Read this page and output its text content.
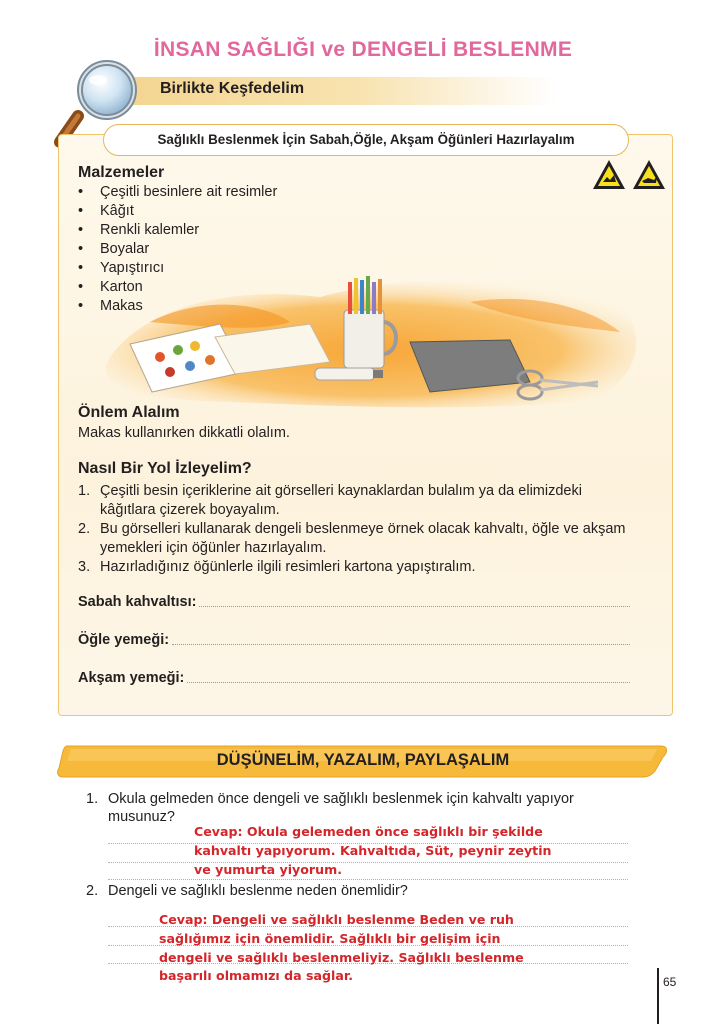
İNSAN SAĞLIĞI ve DENGELİ BESLENME
Birlikte Keşfedelim
Sağlıklı Beslenmek İçin Sabah,Öğle, Akşam Öğünleri Hazırlayalım
Malzemeler
• Çeşitli besinlere ait resimler
• Kâğıt
• Renkli kalemler
• Boyalar
• Yapıştırıcı
• Karton
• Makas
Önlem Alalım
Makas kullanırken dikkatli olalım.
Nasıl Bir Yol İzleyelim?
1. Çeşitli besin içeriklerine ait görselleri kaynaklardan bulalım ya da elimizdeki kâğıtlara çizerek boyayalım.
2. Bu görselleri kullanarak dengeli beslenmeye örnek olacak kahvaltı, öğle ve akşam yemekleri için öğünler hazırlayalım.
3. Hazırladığınız öğünlerle ilgili resimleri kartona yapıştıralım.
Sabah kahvaltısı:
Öğle yemeği:
Akşam yemeği:
DÜŞÜNELİM, YAZALIM, PAYLAŞALIM
1. Okula gelmeden önce dengeli ve sağlıklı beslenmek için kahvaltı yapıyor
musunuz?
Cevap: Okula gelemeden önce sağlıklı bir şekilde
kahvaltı yapıyorum. Kahvaltıda, Süt, peynir zeytin
ve yumurta yiyorum.
2. Dengeli ve sağlıklı beslenme neden önemlidir?
Cevap: Dengeli ve sağlıklı beslenme Beden ve ruh
sağlığımız için önemlidir. Sağlıklı bir gelişim için
dengeli ve sağlıklı beslenmeliyiz. Sağlıklı beslenme
başarılı olmamızı da sağlar.	65
